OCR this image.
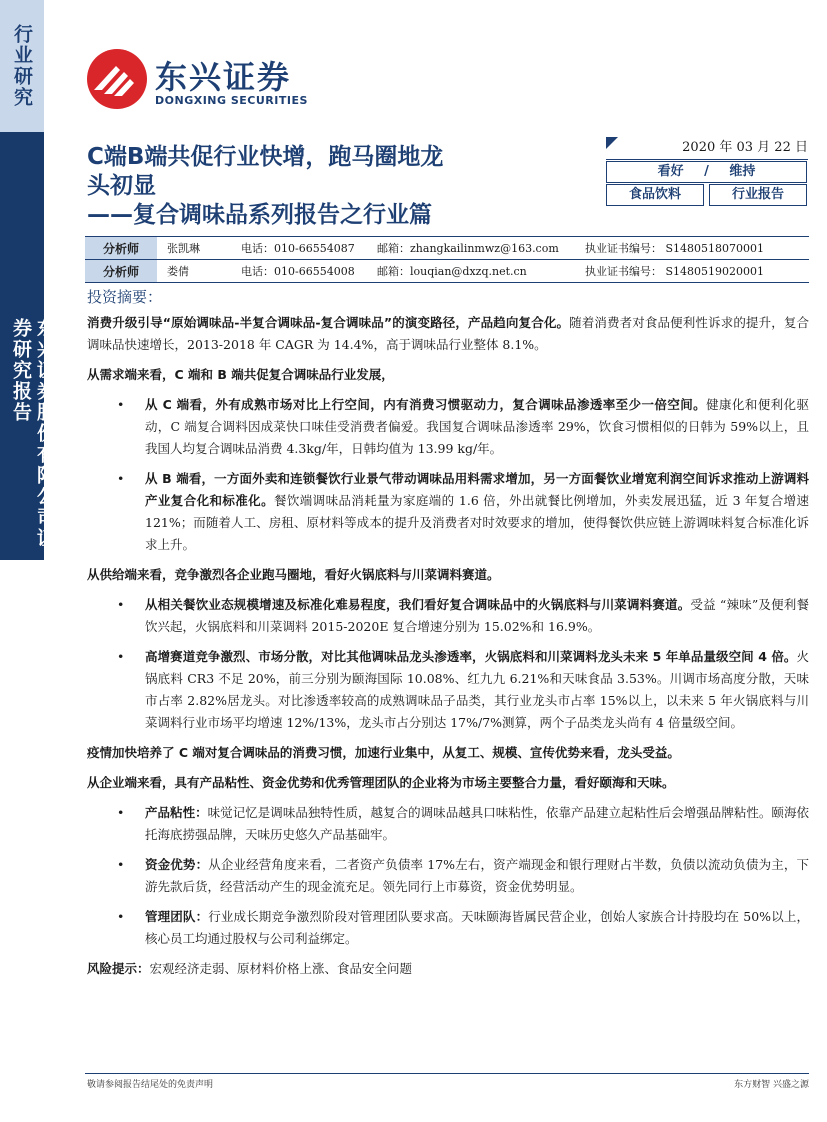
行业研究
东兴证券股份有限公司证券研究报告
东兴证券
DONGXING SECURITIES
C端B端共促行业快增，跑马圈地龙
头初显
——复合调味品系列报告之行业篇
2020 年 03 月 22 日
看好 / 维持
食品饮料	行业报告
分析师	张凯琳	电话：010-66554087	邮箱：zhangkailinmwz@163.com	执业证书编号： S1480518070001
分析师	娄倩	电话：010-66554008	邮箱：louqian@dxzq.net.cn	执业证书编号： S1480519020001
投资摘要：

消费升级引导“原始调味品-半复合调味品-复合调味品”的演变路径，产品趋向复合化。随着消费者对食品便利性诉求的提升，复合调味品快速增长，2013-2018 年 CAGR 为 14.4%，高于调味品行业整体 8.1%。

从需求端来看，C 端和 B 端共促复合调味品行业发展，

• 从 C 端看，外有成熟市场对比上行空间，内有消费习惯驱动力，复合调味品渗透率至少一倍空间。健康化和便利化驱动，C 端复合调料因成菜快口味佳受消费者偏爱。我国复合调味品渗透率 29%，饮食习惯相似的日韩为 59%以上，且我国人均复合调味品消费 4.3kg/年，日韩均值为 13.99 kg/年。

• 从 B 端看，一方面外卖和连锁餐饮行业景气带动调味品用料需求增加，另一方面餐饮业增宽利润空间诉求推动上游调料产业复合化和标准化。餐饮端调味品消耗量为家庭端的 1.6 倍，外出就餐比例增加，外卖发展迅猛，近 3 年复合增速 121%；而随着人工、房租、原材料等成本的提升及消费者对时效要求的增加，使得餐饮供应链上游调味料复合标准化诉求上升。

从供给端来看，竞争激烈各企业跑马圈地，看好火锅底料与川菜调料赛道。

• 从相关餐饮业态规模增速及标准化难易程度，我们看好复合调味品中的火锅底料与川菜调料赛道。受益 “辣味”及便利餐饮兴起，火锅底料和川菜调料 2015-2020E 复合增速分别为 15.02%和 16.9%。

• 高增赛道竞争激烈、市场分散，对比其他调味品龙头渗透率，火锅底料和川菜调料龙头未来 5 年单品量级空间 4 倍。火锅底料 CR3 不足 20%，前三分别为颐海国际 10.08%、红九九 6.21%和天味食品 3.53%。川调市场高度分散，天味市占率 2.82%居龙头。对比渗透率较高的成熟调味品子品类，其行业龙头市占率 15%以上，以未来 5 年火锅底料与川菜调料行业市场平均增速 12%/13%，龙头市占分别达 17%/7%测算，两个子品类龙头尚有 4 倍量级空间。

疫情加快培养了 C 端对复合调味品的消费习惯，加速行业集中，从复工、规模、宣传优势来看，龙头受益。

从企业端来看，具有产品粘性、资金优势和优秀管理团队的企业将为市场主要整合力量，看好颐海和天味。

• 产品粘性：味觉记忆是调味品独特性质，越复合的调味品越具口味粘性，依靠产品建立起粘性后会增强品牌粘性。颐海依托海底捞强品牌，天味历史悠久产品基础牢。

• 资金优势：从企业经营角度来看，二者资产负债率 17%左右，资产端现金和银行理财占半数，负债以流动负债为主，下游先款后货，经营活动产生的现金流充足。领先同行上市募资，资金优势明显。

• 管理团队：行业成长期竞争激烈阶段对管理团队要求高。天味颐海皆属民营企业，创始人家族合计持股均在 50%以上，核心员工均通过股权与公司利益绑定。

风险提示：宏观经济走弱、原材料价格上涨、食品安全问题

敬请参阅报告结尾处的免责声明	东方财智 兴盛之源
